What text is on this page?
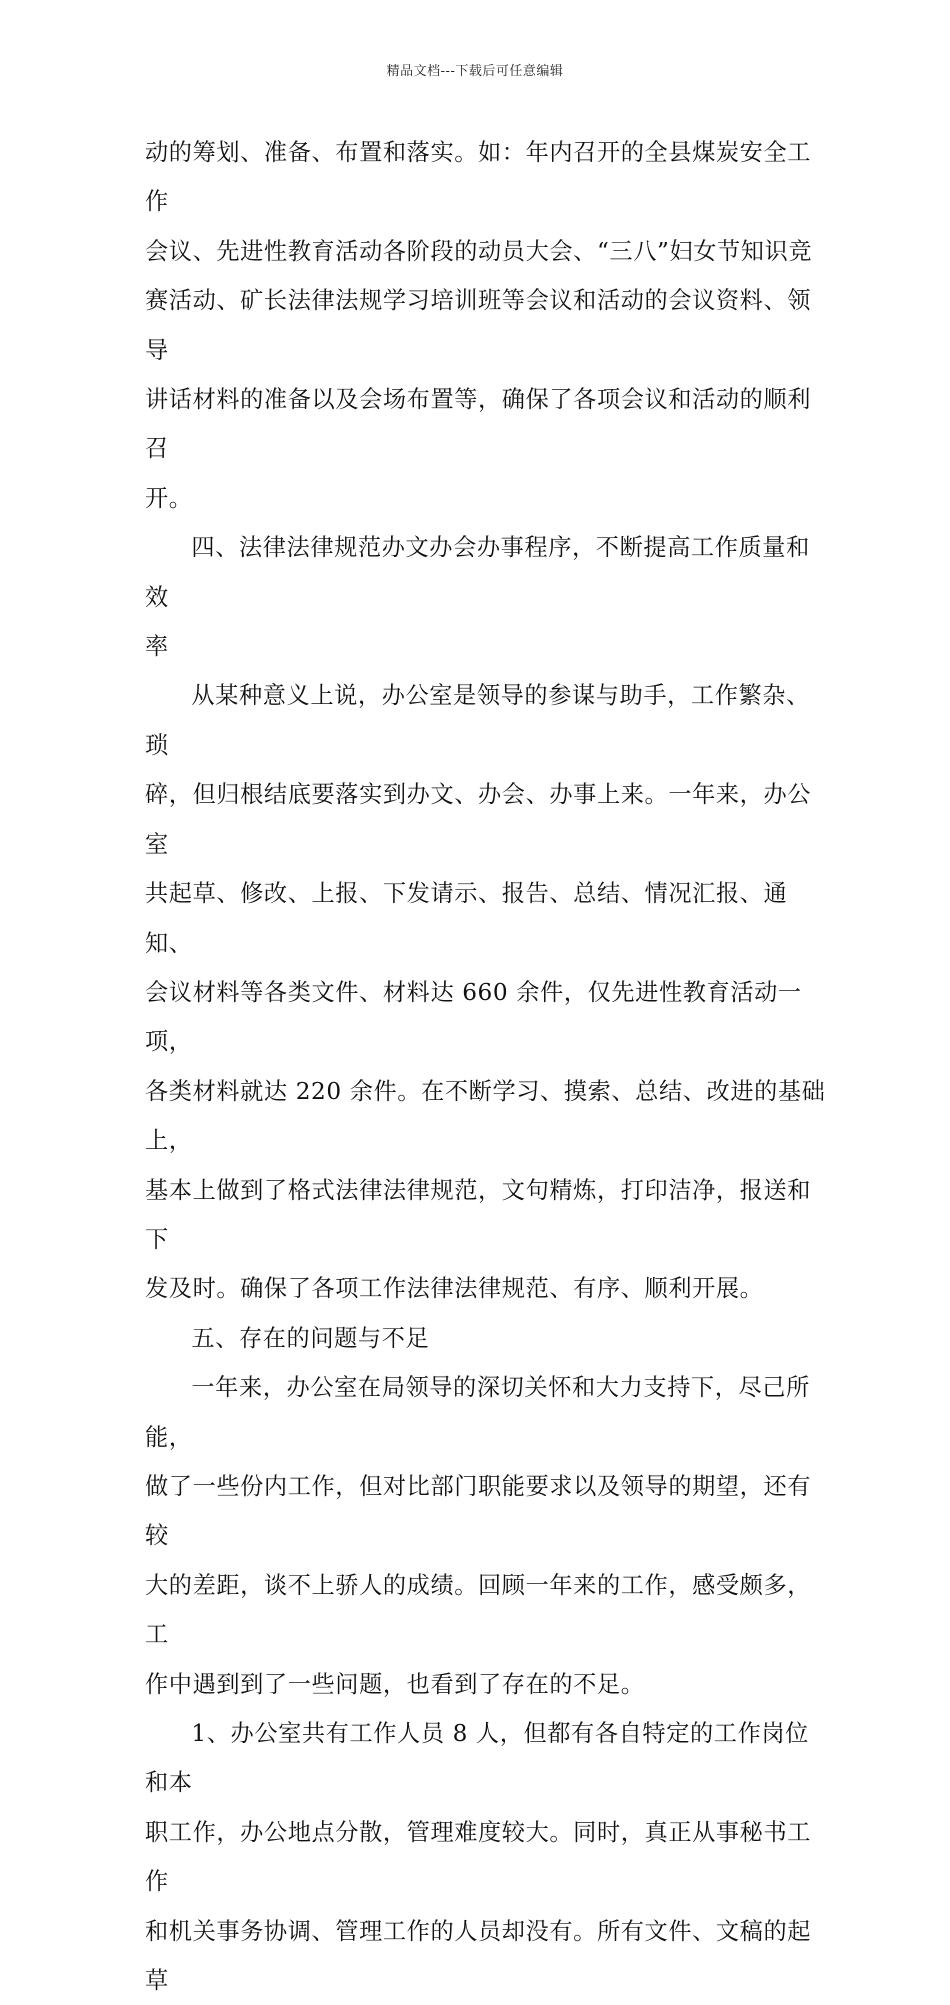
精品文档---下载后可任意编辑

动的筹划、准备、布置和落实。如：年内召开的全县煤炭安全工作

会议、先进性教育活动各阶段的动员大会、“三八”妇女节知识竞

赛活动、矿长法律法规学习培训班等会议和活动的会议资料、领导

讲话材料的准备以及会场布置等，确保了各项会议和活动的顺利召

开。

四、法律法律规范办文办会办事程序，不断提高工作质量和效

率

从某种意义上说，办公室是领导的参谋与助手，工作繁杂、琐

碎，但归根结底要落实到办文、办会、办事上来。一年来，办公室

共起草、修改、上报、下发请示、报告、总结、情况汇报、通知、

会议材料等各类文件、材料达 660 余件，仅先进性教育活动一项，

各类材料就达 220 余件。在不断学习、摸索、总结、改进的基础上，

基本上做到了格式法律法律规范，文句精炼，打印洁净，报送和下

发及时。确保了各项工作法律法律规范、有序、顺利开展。

五、存在的问题与不足

一年来，办公室在局领导的深切关怀和大力支持下，尽己所能，

做了一些份内工作，但对比部门职能要求以及领导的期望，还有较

大的差距，谈不上骄人的成绩。回顾一年来的工作，感受颇多，工

作中遇到到了一些问题，也看到了存在的不足。

1、办公室共有工作人员 8 人，但都有各自特定的工作岗位和本

职工作，办公地点分散，管理难度较大。同时，真正从事秘书工作

和机关事务协调、管理工作的人员却没有。所有文件、文稿的起草
